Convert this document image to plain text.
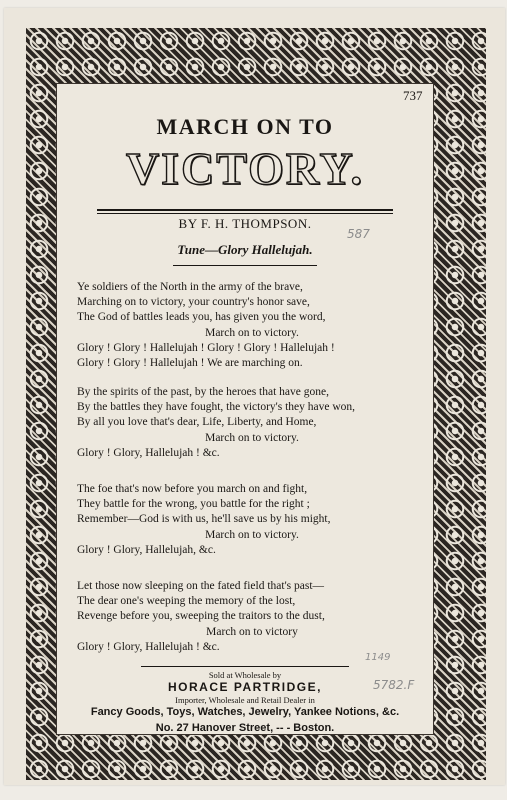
737
MARCH ON TO
VICTORY.
BY F. H. THOMPSON.
587
Tune—Glory Hallelujah.
Ye soldiers of the North in the army of the brave,
Marching on to victory, your country's honor save,
The God of battles leads you, has given you the word,
March on to victory.
Glory ! Glory ! Hallelujah ! Glory ! Glory ! Hallelujah !
Glory ! Glory ! Hallelujah ! We are marching on.
By the spirits of the past, by the heroes that have gone,
By the battles they have fought, the victory's they have won,
By all you love that's dear, Life, Liberty, and Home,
March on to victory.
Glory ! Glory, Hallelujah ! &c.
The foe that's now before you march on and fight,
They battle for the wrong, you battle for the right ;
Remember—God is with us, he'll save us by his might,
March on to victory.
Glory ! Glory, Hallelujah, &c.
Let those now sleeping on the fated field that's past—
The dear one's weeping the memory of the lost,
Revenge before you, sweeping the traitors to the dust,
March on to victory
Glory ! Glory, Hallelujah ! &c.
1149
Sold at Wholesale by
HORACE PARTRIDGE,	5782.F
Importer, Wholesale and Retail Dealer in
Fancy Goods, Toys, Watches, Jewelry, Yankee Notions, &c.
No. 27 Hanover Street, -- - Boston.
